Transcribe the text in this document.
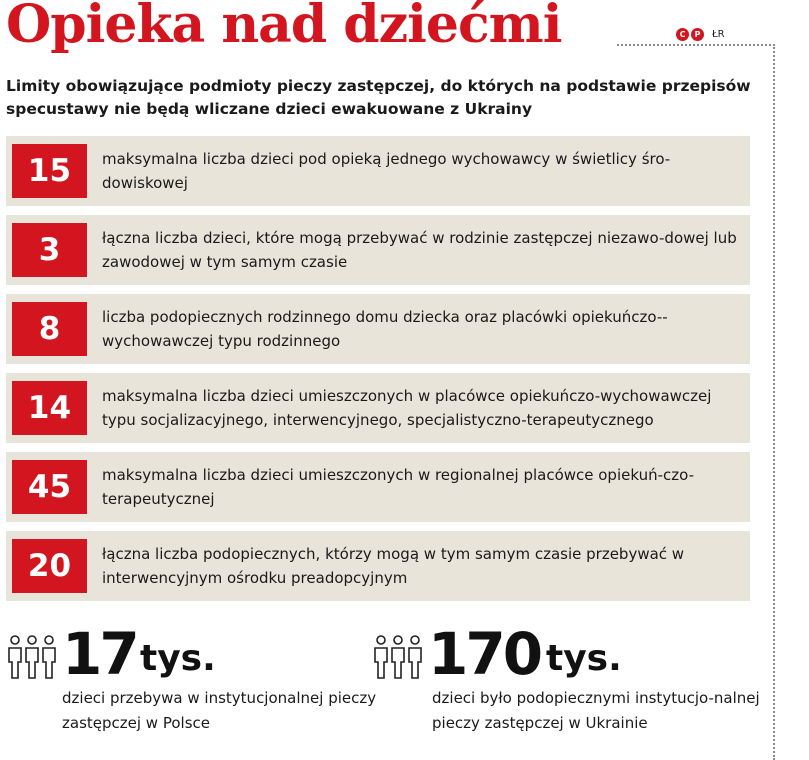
Opieka nad dziećmi	C	P	ŁR
Limity obowiązujące podmioty pieczy zastępczej, do których na podstawie przepisów specustawy nie będą wliczane dzieci ewakuowane z Ukrainy
15	maksymalna liczba dzieci pod opieką jednego wychowawcy w świetlicy śro-dowiskowej
3	łączna liczba dzieci, które mogą przebywać w rodzinie zastępczej niezawo-dowej lub zawodowej w tym samym czasie
8	liczba podopiecznych rodzinnego domu dziecka oraz placówki opiekuńczo--wychowawczej typu rodzinnego
14	maksymalna liczba dzieci umieszczonych w placówce opiekuńczo-wychowawczej typu socjalizacyjnego, interwencyjnego, specjalistyczno-terapeutycznego
45	maksymalna liczba dzieci umieszczonych w regionalnej placówce opiekuń-czo-terapeutycznej
20	łączna liczba podopiecznych, którzy mogą w tym samym czasie przebywać w interwencyjnym ośrodku preadopcyjnym
17 tys.
dzieci przebywa w instytucjonalnej pieczy zastępczej w Polsce
170 tys.
dzieci było podopiecznymi instytucjo-nalnej pieczy zastępczej w Ukrainie
